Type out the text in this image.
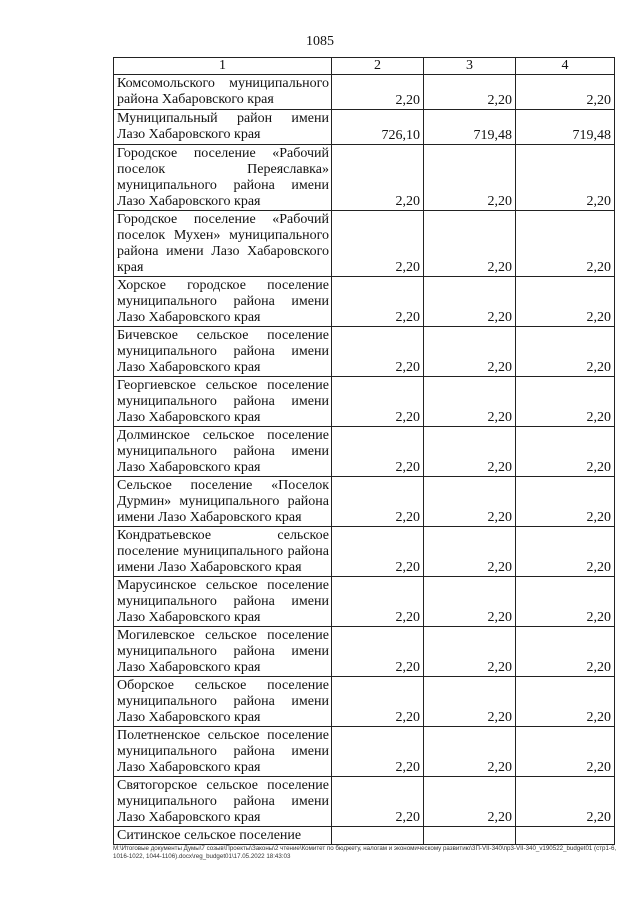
1085
1	2	3	4
Комсомольского муниципального района Хабаровского края	2,20	2,20	2,20
Муниципальный район имени Лазо Хабаровского края	726,10	719,48	719,48
Городское поселение «Рабочий поселок Переяславка» муниципального района имени Лазо Хабаровского края	2,20	2,20	2,20
Городское поселение «Рабочий поселок Мухен» муниципального района имени Лазо Хабаровского края	2,20	2,20	2,20
Хорское городское поселение муниципального района имени Лазо Хабаровского края	2,20	2,20	2,20
Бичевское сельское поселение муниципального района имени Лазо Хабаровского края	2,20	2,20	2,20
Георгиевское сельское поселение муниципального района имени Лазо Хабаровского края	2,20	2,20	2,20
Долминское сельское поселение муниципального района имени Лазо Хабаровского края	2,20	2,20	2,20
Сельское поселение «Поселок Дурмин» муниципального района имени Лазо Хабаровского края	2,20	2,20	2,20
Кондратьевское сельское поселение муниципального района имени Лазо Хабаровского края	2,20	2,20	2,20
Марусинское сельское поселение муниципального района имени Лазо Хабаровского края	2,20	2,20	2,20
Могилевское сельское поселение муниципального района имени Лазо Хабаровского края	2,20	2,20	2,20
Оборское сельское поселение муниципального района имени Лазо Хабаровского края	2,20	2,20	2,20
Полетненское сельское поселение муниципального района имени Лазо Хабаровского края	2,20	2,20	2,20
Святогорское сельское поселение муниципального района имени Лазо Хабаровского края	2,20	2,20	2,20
Ситинское сельское поселение			
М:\Итоговые документы Думы\7 созыв\Проекты\Законы\2 чтение\Комитет по бюджету, налогам и экономическому развитию\3П-VII-340\пр3-VII-340_v190522_budget01 (стр1-6, 1016-1022, 1044-1106).docx\reg_budget01\17.05.2022 18:43:03
